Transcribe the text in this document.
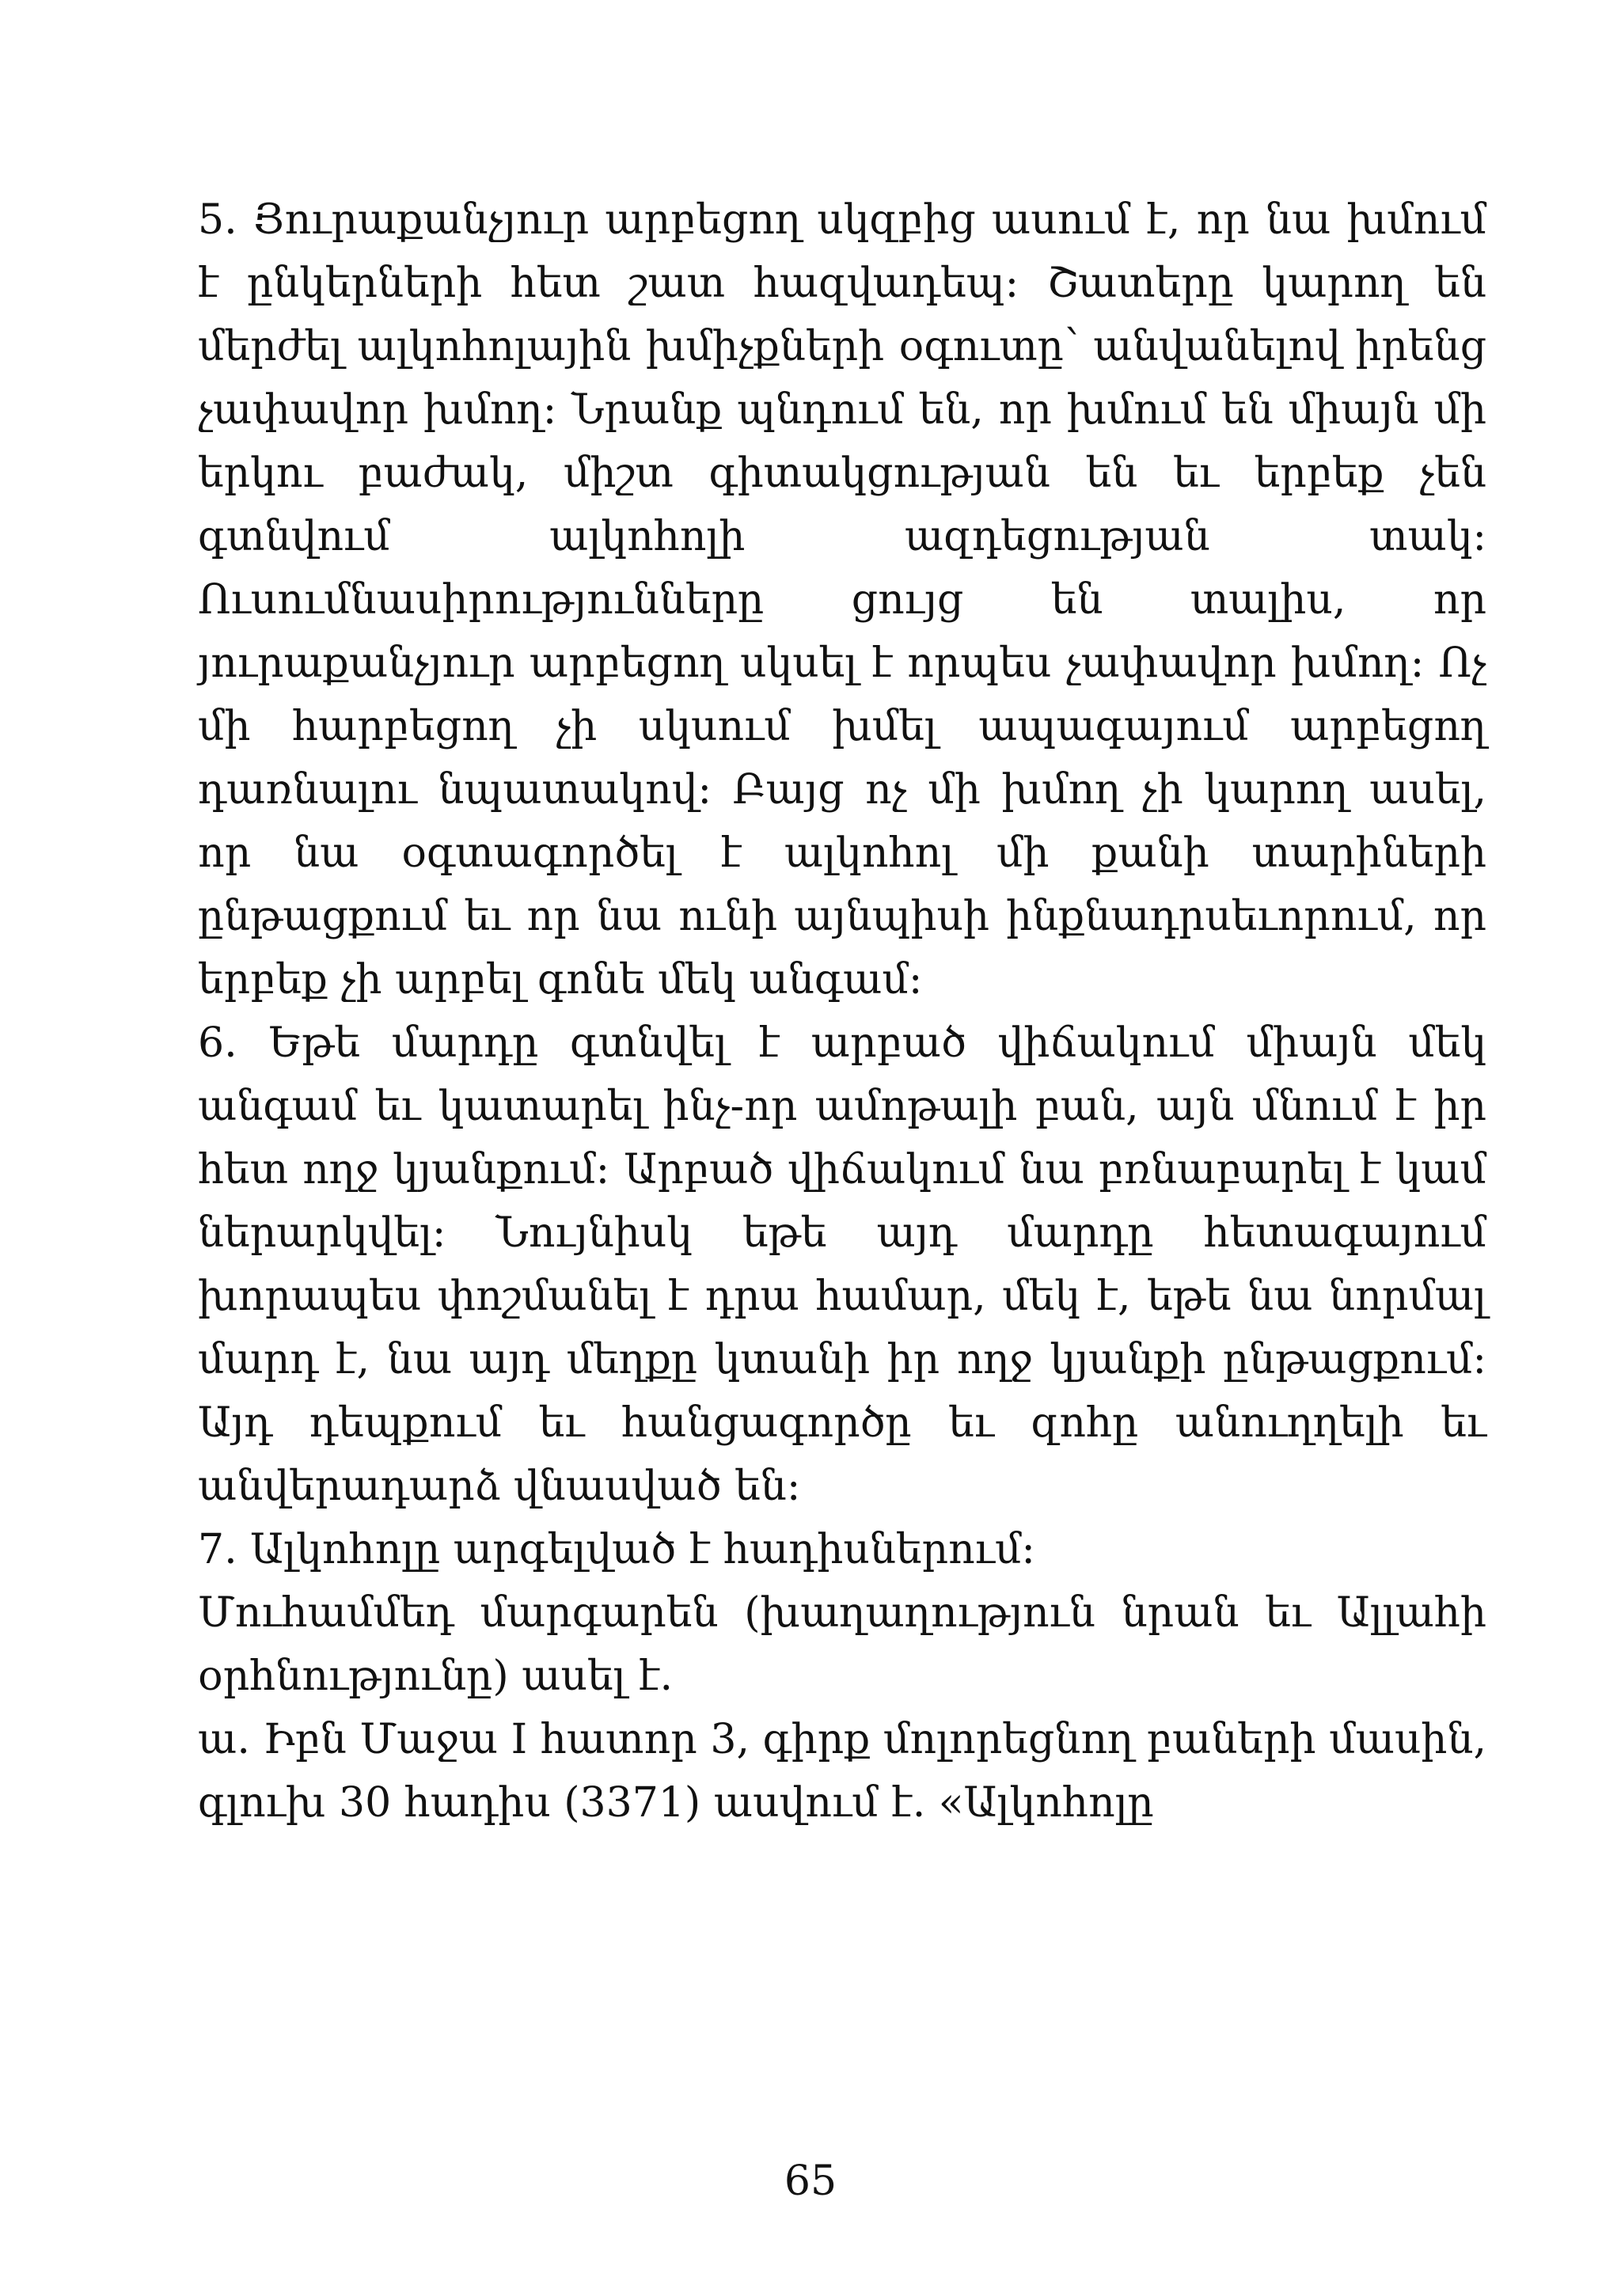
5. Յուրաքանչյուր արբեցող սկզբից ասում է, որ նա խմում է ընկերների հետ շատ հազվադեպ: Շատերը կարող են մերժել ալկոհոլային խմիչքների օգուտը՝ անվանելով իրենց չափավոր խմող: Նրանք պնդում են, որ խմում են միայն մի երկու բաժակ, միշտ գիտակցության են եւ երբեք չեն գտնվում ալկոհոլի ազդեցության տակ: Ուսումնասիրությունները ցույց են տալիս, որ յուրաքանչյուր արբեցող սկսել է որպես չափավոր խմող: Ոչ մի հարբեցող չի սկսում խմել ապագայում արբեցող դառնալու նպատակով: Բայց ոչ մի խմող չի կարող ասել, որ նա օգտագործել է ալկոհոլ մի քանի տարիների ընթացքում եւ որ նա ունի այնպիսի ինքնադրսեւորում, որ երբեք չի արբել գոնե մեկ անգամ:

6. Եթե մարդը գտնվել է արբած վիճակում միայն մեկ անգամ եւ կատարել ինչ-որ ամոթալի բան, այն մնում է իր հետ ողջ կյանքում: Արբած վիճակում նա բռնաբարել է կամ ներարկվել: Նույնիսկ եթե այդ մարդը հետագայում խորապես փոշմանել է դրա համար, մեկ է, եթե նա նորմալ մարդ է, նա այդ մեղքը կտանի իր ողջ կյանքի ընթացքում: Այդ դեպքում եւ հանցագործը եւ զոհը անուղղելի եւ անվերադարձ վնասված են:

7. Ալկոհոլը արգելված է հադիսներում:

Մուհամմեդ մարգարեն (խաղաղություն նրան եւ Ալլահի օրհնությունը) ասել է.

ա. Իբն Մաջա I հատոր 3, գիրք մոլորեցնող բաների մասին, գլուխ 30 հադիս (3371) ասվում է. «Ալկոհոլը

65
